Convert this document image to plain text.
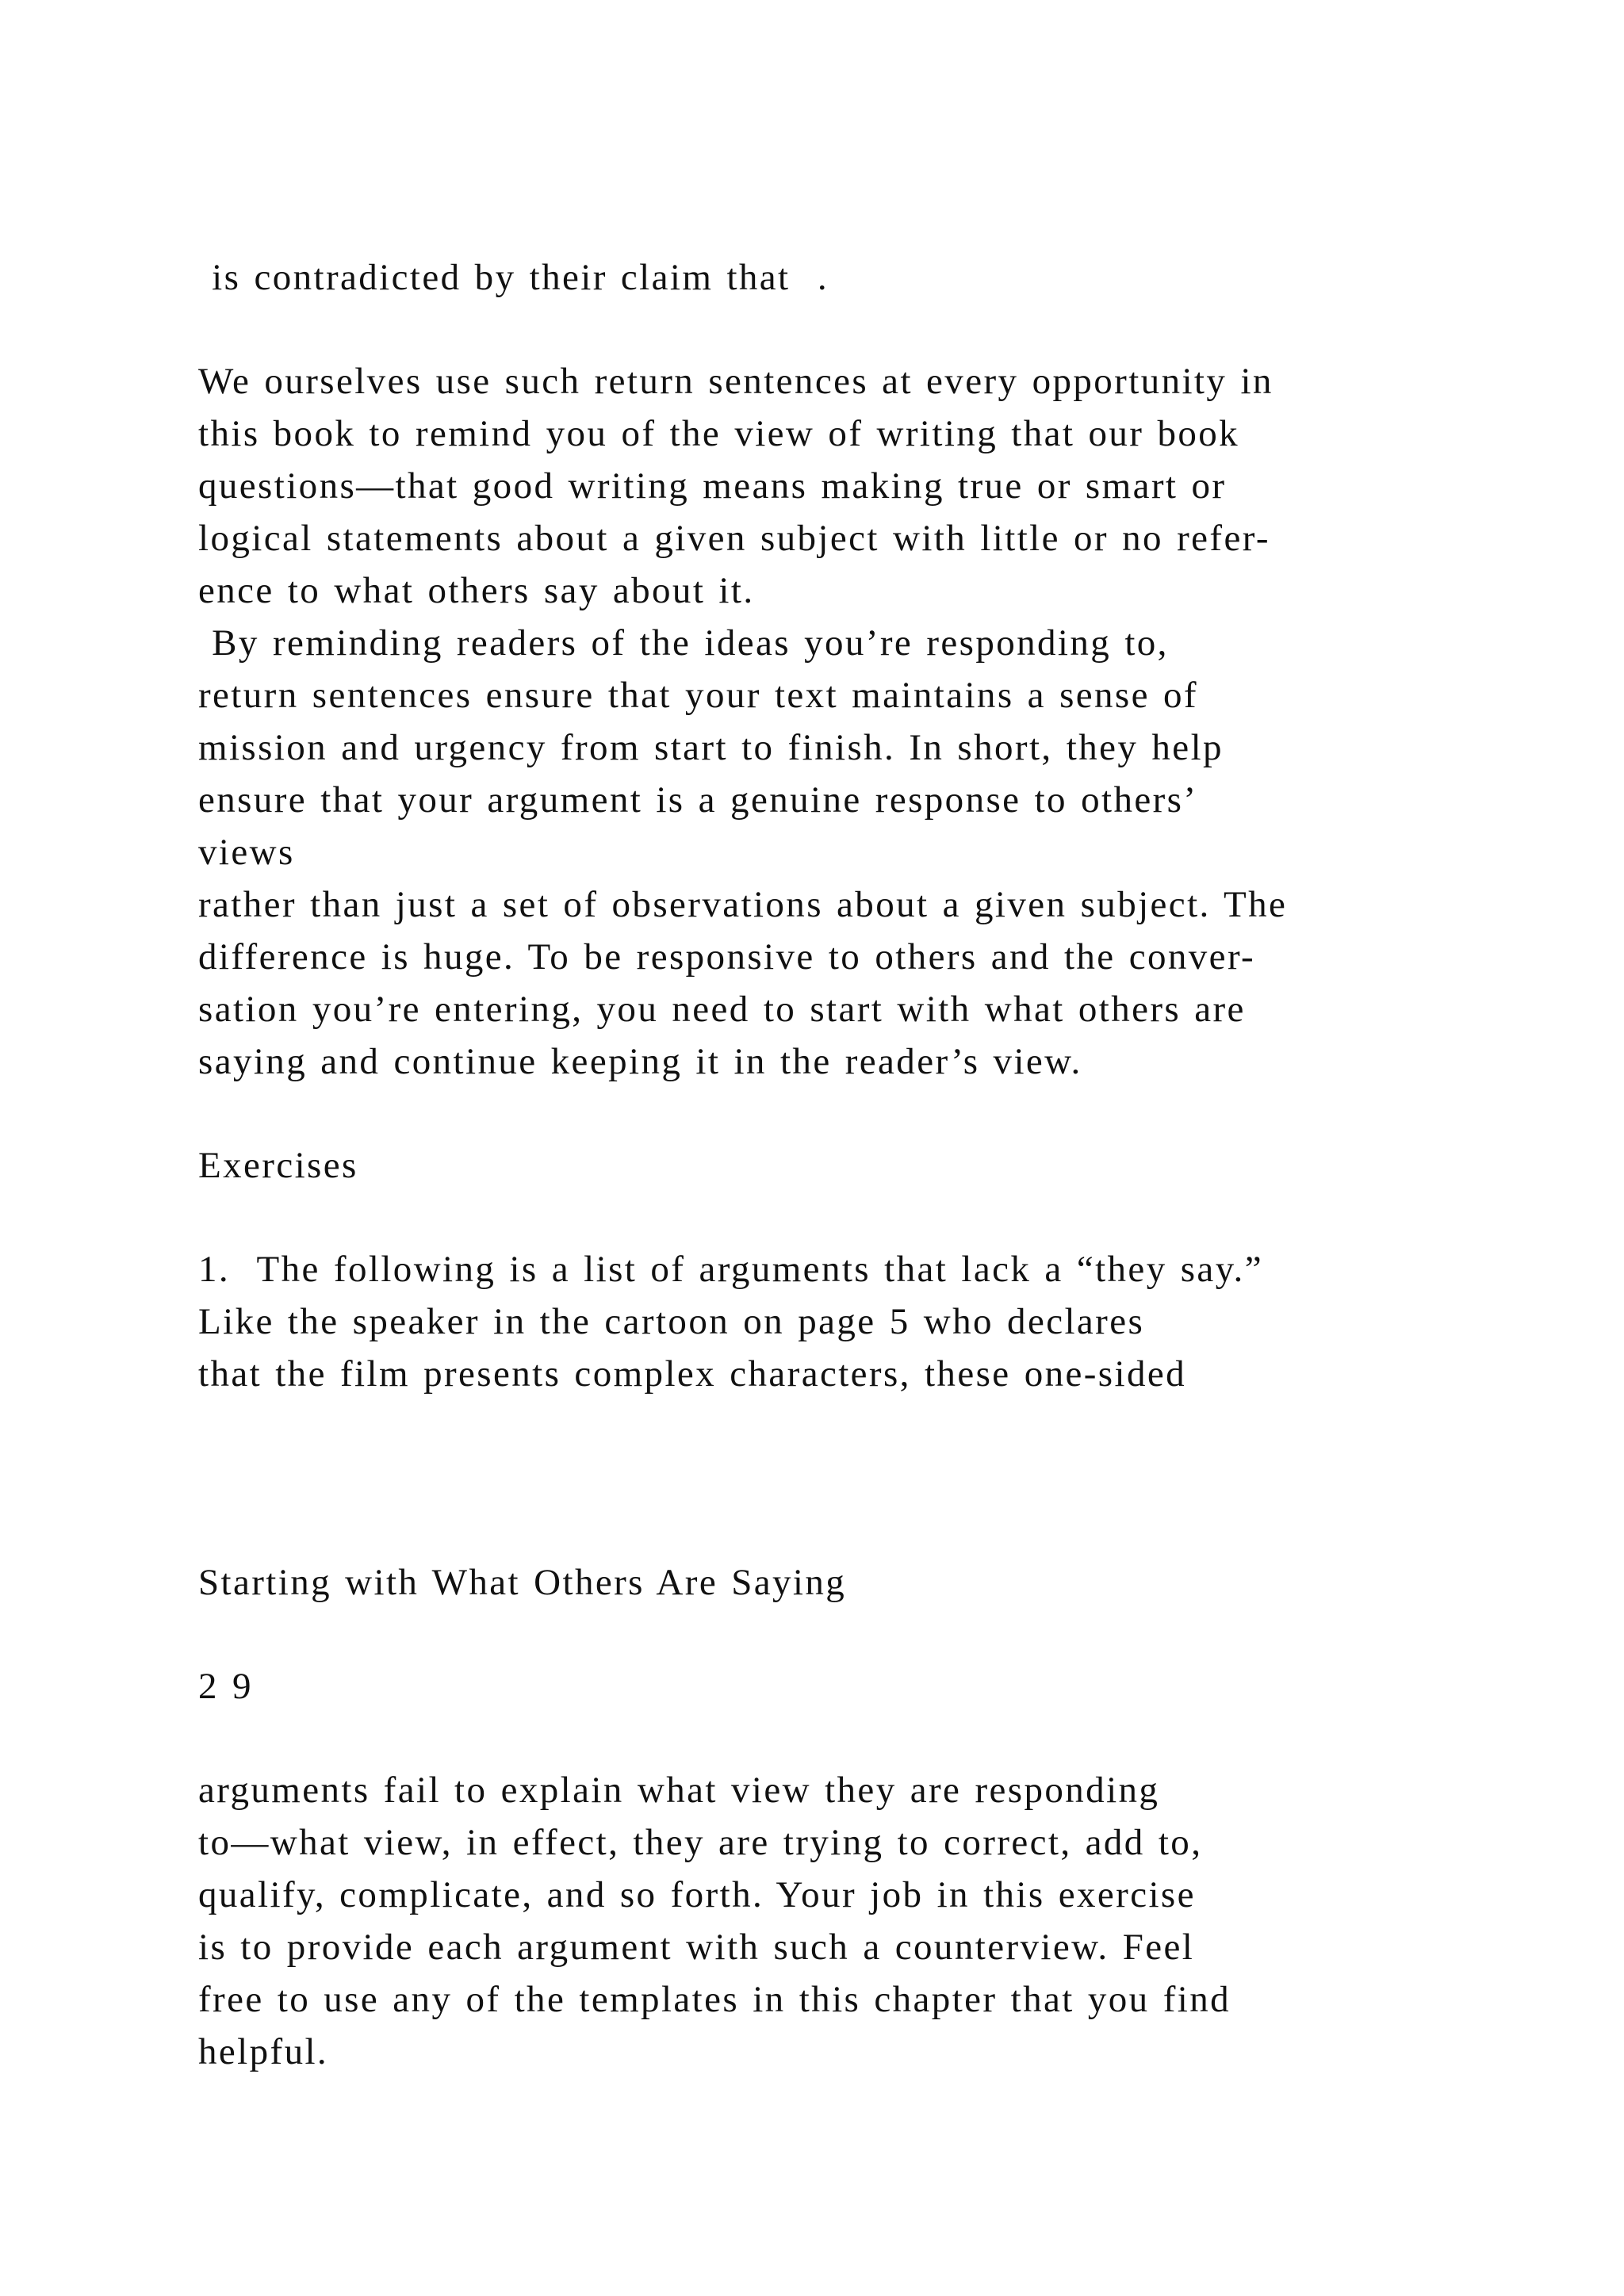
is contradicted by their claim that  .

We ourselves use such return sentences at every opportunity in

this book to remind you of the view of writing that our book

questions—that good writing means making true or smart or

logical statements about a given subject with little or no refer-

ence to what others say about it.

By reminding readers of the ideas you’re responding to,

return sentences ensure that your text maintains a sense of

mission and urgency from start to finish. In short, they help

ensure that your argument is a genuine response to others’

views

rather than just a set of observations about a given subject. The

difference is huge. To be responsive to others and the conver-

sation you’re entering, you need to start with what others are

saying and continue keeping it in the reader’s view.

Exercises

1.  The following is a list of arguments that lack a “they say.”

Like the speaker in the cartoon on page 5 who declares

that the film presents complex characters, these one-sided

Starting with What Others Are Saying

2 9

arguments fail to explain what view they are responding

to—what view, in effect, they are trying to correct, add to,

qualify, complicate, and so forth. Your job in this exercise

is to provide each argument with such a counterview. Feel

free to use any of the templates in this chapter that you find

helpful.
